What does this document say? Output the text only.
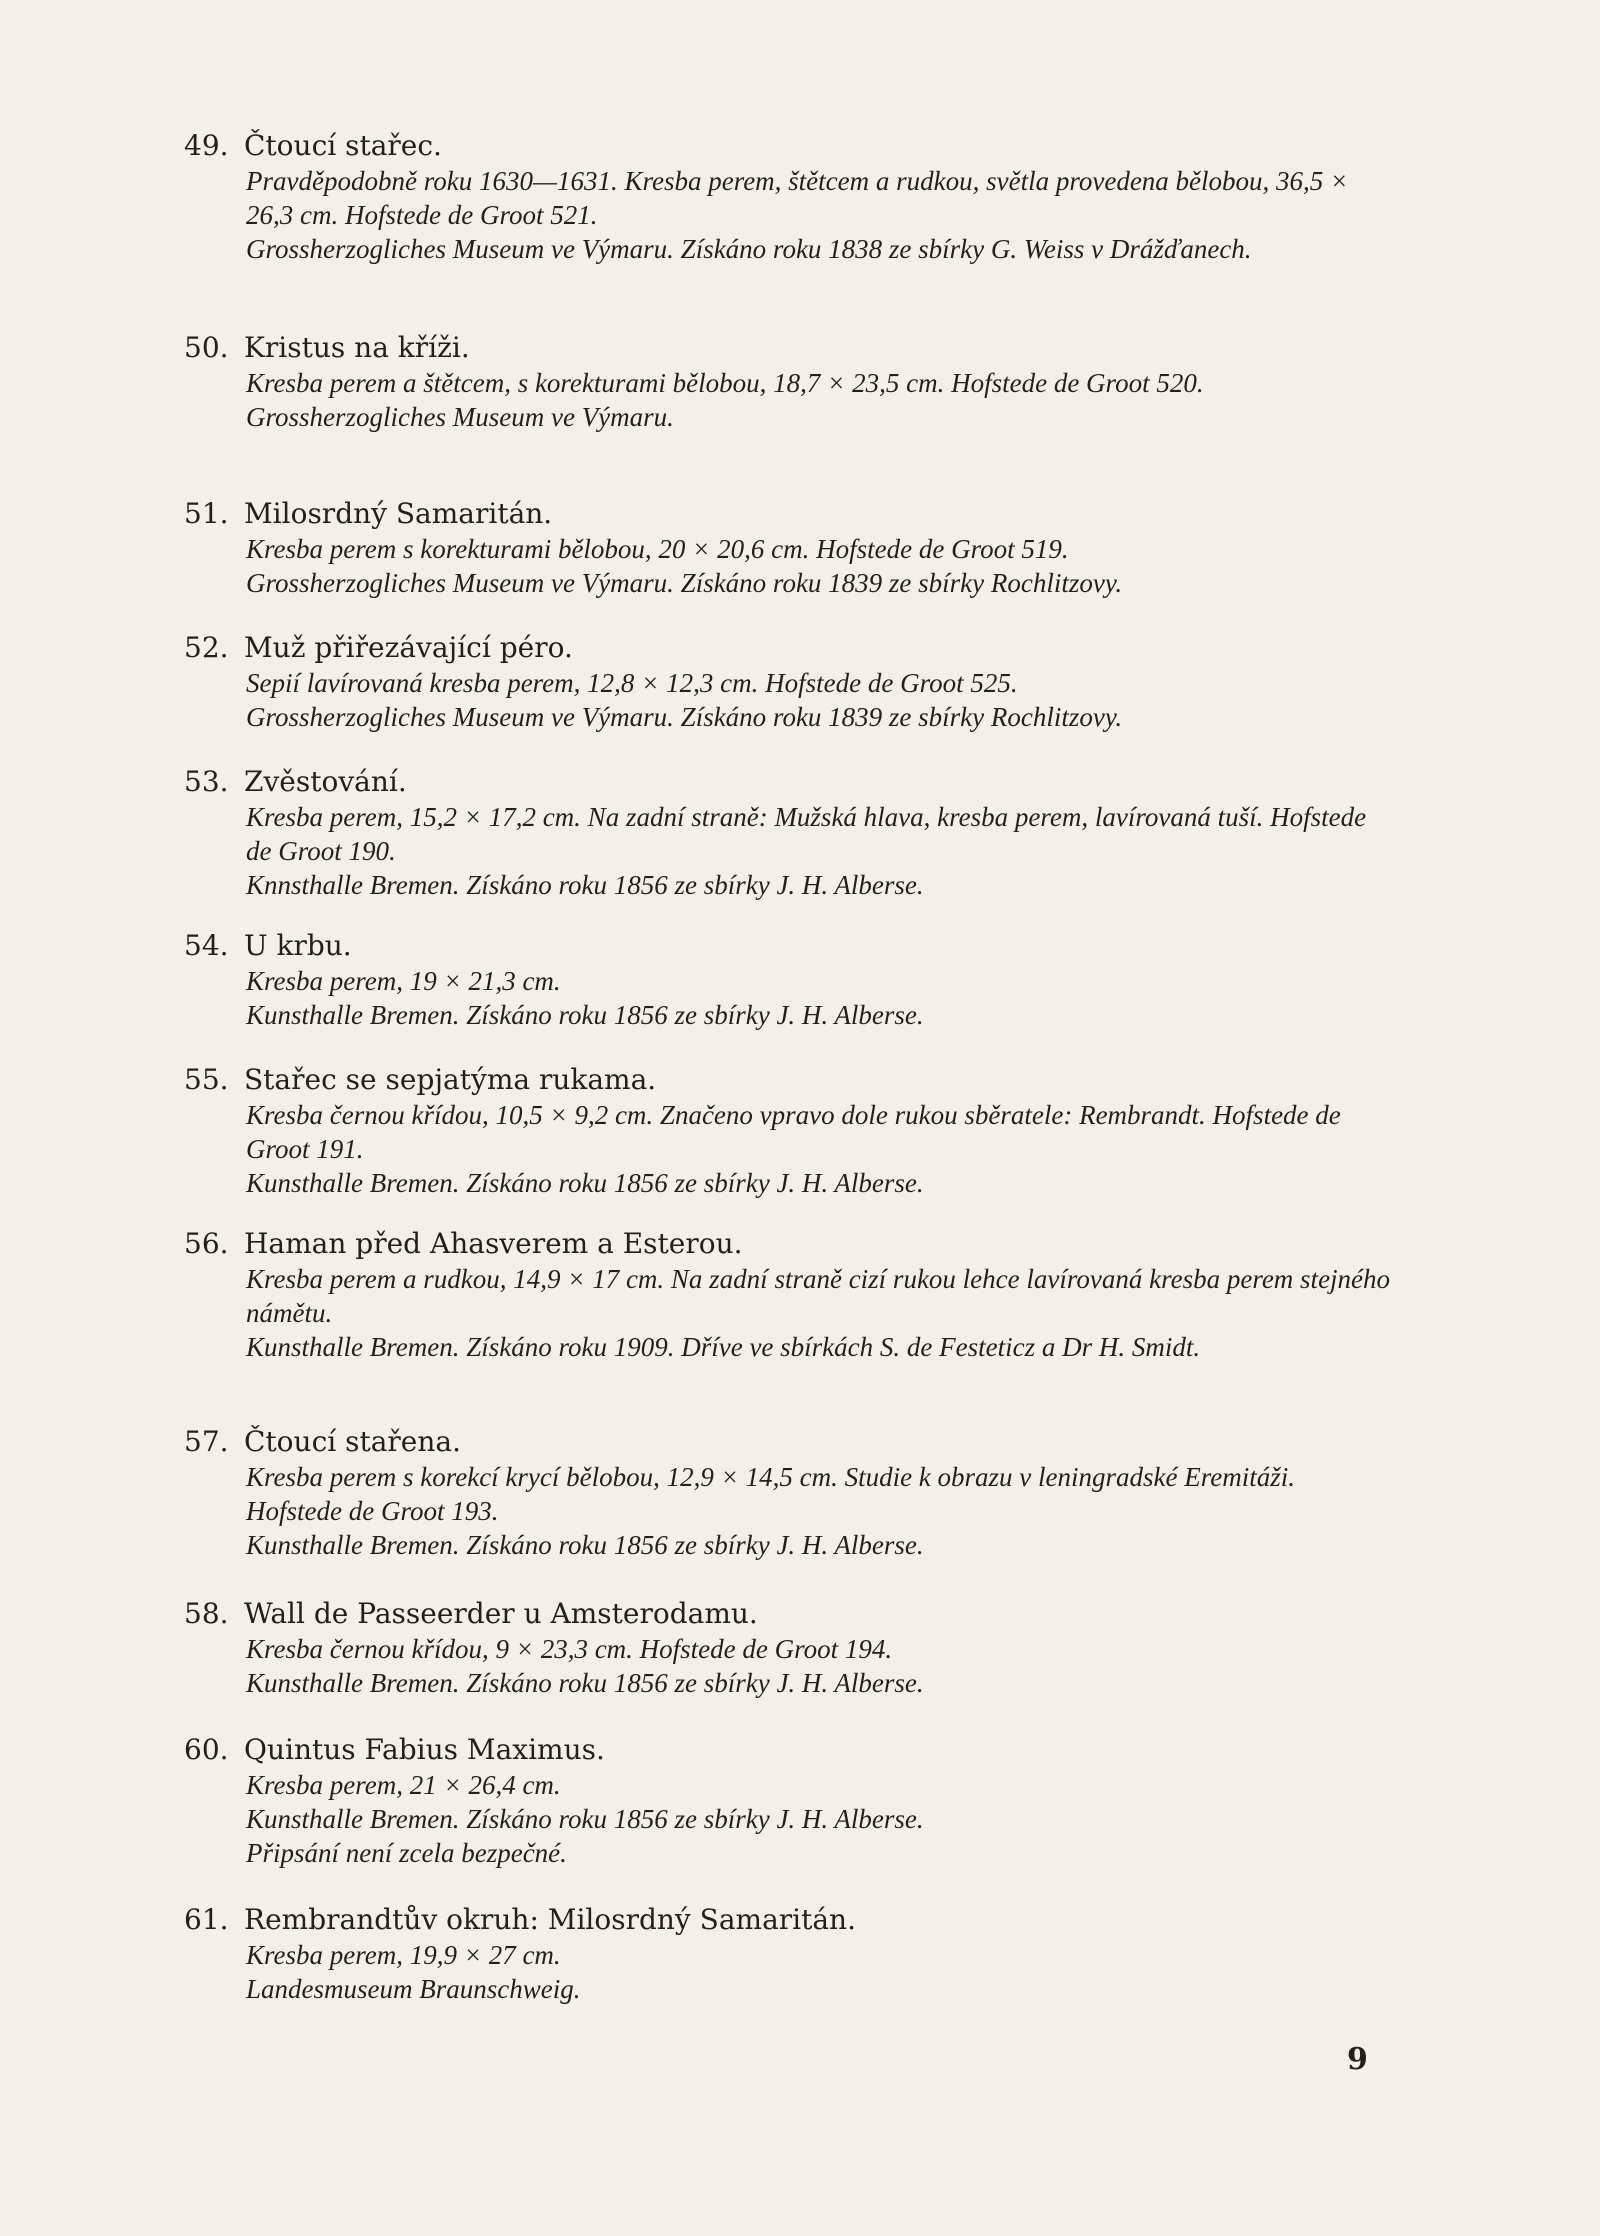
49. Čtoucí stařec.
Pravděpodobně roku 1630—1631. Kresba perem, štětcem a rudkou, světla provedena bělobou, 36,5 × 26,3 cm. Hofstede de Groot 521.
Grossherzogliches Museum ve Výmaru. Získáno roku 1838 ze sbírky G. Weiss v Drážďanech.
50. Kristus na kříži.
Kresba perem a štětcem, s korekturami bělobou, 18,7 × 23,5 cm. Hofstede de Groot 520.
Grossherzogliches Museum ve Výmaru.
51. Milosrdný Samaritán.
Kresba perem s korekturami bělobou, 20 × 20,6 cm. Hofstede de Groot 519.
Grossherzogliches Museum ve Výmaru. Získáno roku 1839 ze sbírky Rochlitzovy.
52. Muž přiřezávající péro.
Sepií lavírovaná kresba perem, 12,8 × 12,3 cm. Hofstede de Groot 525.
Grossherzogliches Museum ve Výmaru. Získáno roku 1839 ze sbírky Rochlitzovy.
53. Zvěstování.
Kresba perem, 15,2 × 17,2 cm. Na zadní straně: Mužská hlava, kresba perem, lavírovaná tuší. Hofstede de Groot 190.
Knnsthalle Bremen. Získáno roku 1856 ze sbírky J. H. Alberse.
54. U krbu.
Kresba perem, 19 × 21,3 cm.
Kunsthalle Bremen. Získáno roku 1856 ze sbírky J. H. Alberse.
55. Stařec se sepjatýma rukama.
Kresba černou křídou, 10,5 × 9,2 cm. Značeno vpravo dole rukou sběratele: Rembrandt. Hofstede de Groot 191.
Kunsthalle Bremen. Získáno roku 1856 ze sbírky J. H. Alberse.
56. Haman před Ahasverem a Esterou.
Kresba perem a rudkou, 14,9 × 17 cm. Na zadní straně cizí rukou lehce lavírovaná kresba perem stejného námětu.
Kunsthalle Bremen. Získáno roku 1909. Dříve ve sbírkách S. de Festeticz a Dr H. Smidt.
57. Čtoucí stařena.
Kresba perem s korekcí krycí bělobou, 12,9 × 14,5 cm. Studie k obrazu v leningradské Eremitáži. Hofstede de Groot 193.
Kunsthalle Bremen. Získáno roku 1856 ze sbírky J. H. Alberse.
58. Wall de Passeerder u Amsterodamu.
Kresba černou křídou, 9 × 23,3 cm. Hofstede de Groot 194.
Kunsthalle Bremen. Získáno roku 1856 ze sbírky J. H. Alberse.
60. Quintus Fabius Maximus.
Kresba perem, 21 × 26,4 cm.
Kunsthalle Bremen. Získáno roku 1856 ze sbírky J. H. Alberse.
Připsání není zcela bezpečné.
61. Rembrandtův okruh: Milosrdný Samaritán.
Kresba perem, 19,9 × 27 cm.
Landesmuseum Braunschweig.
9
